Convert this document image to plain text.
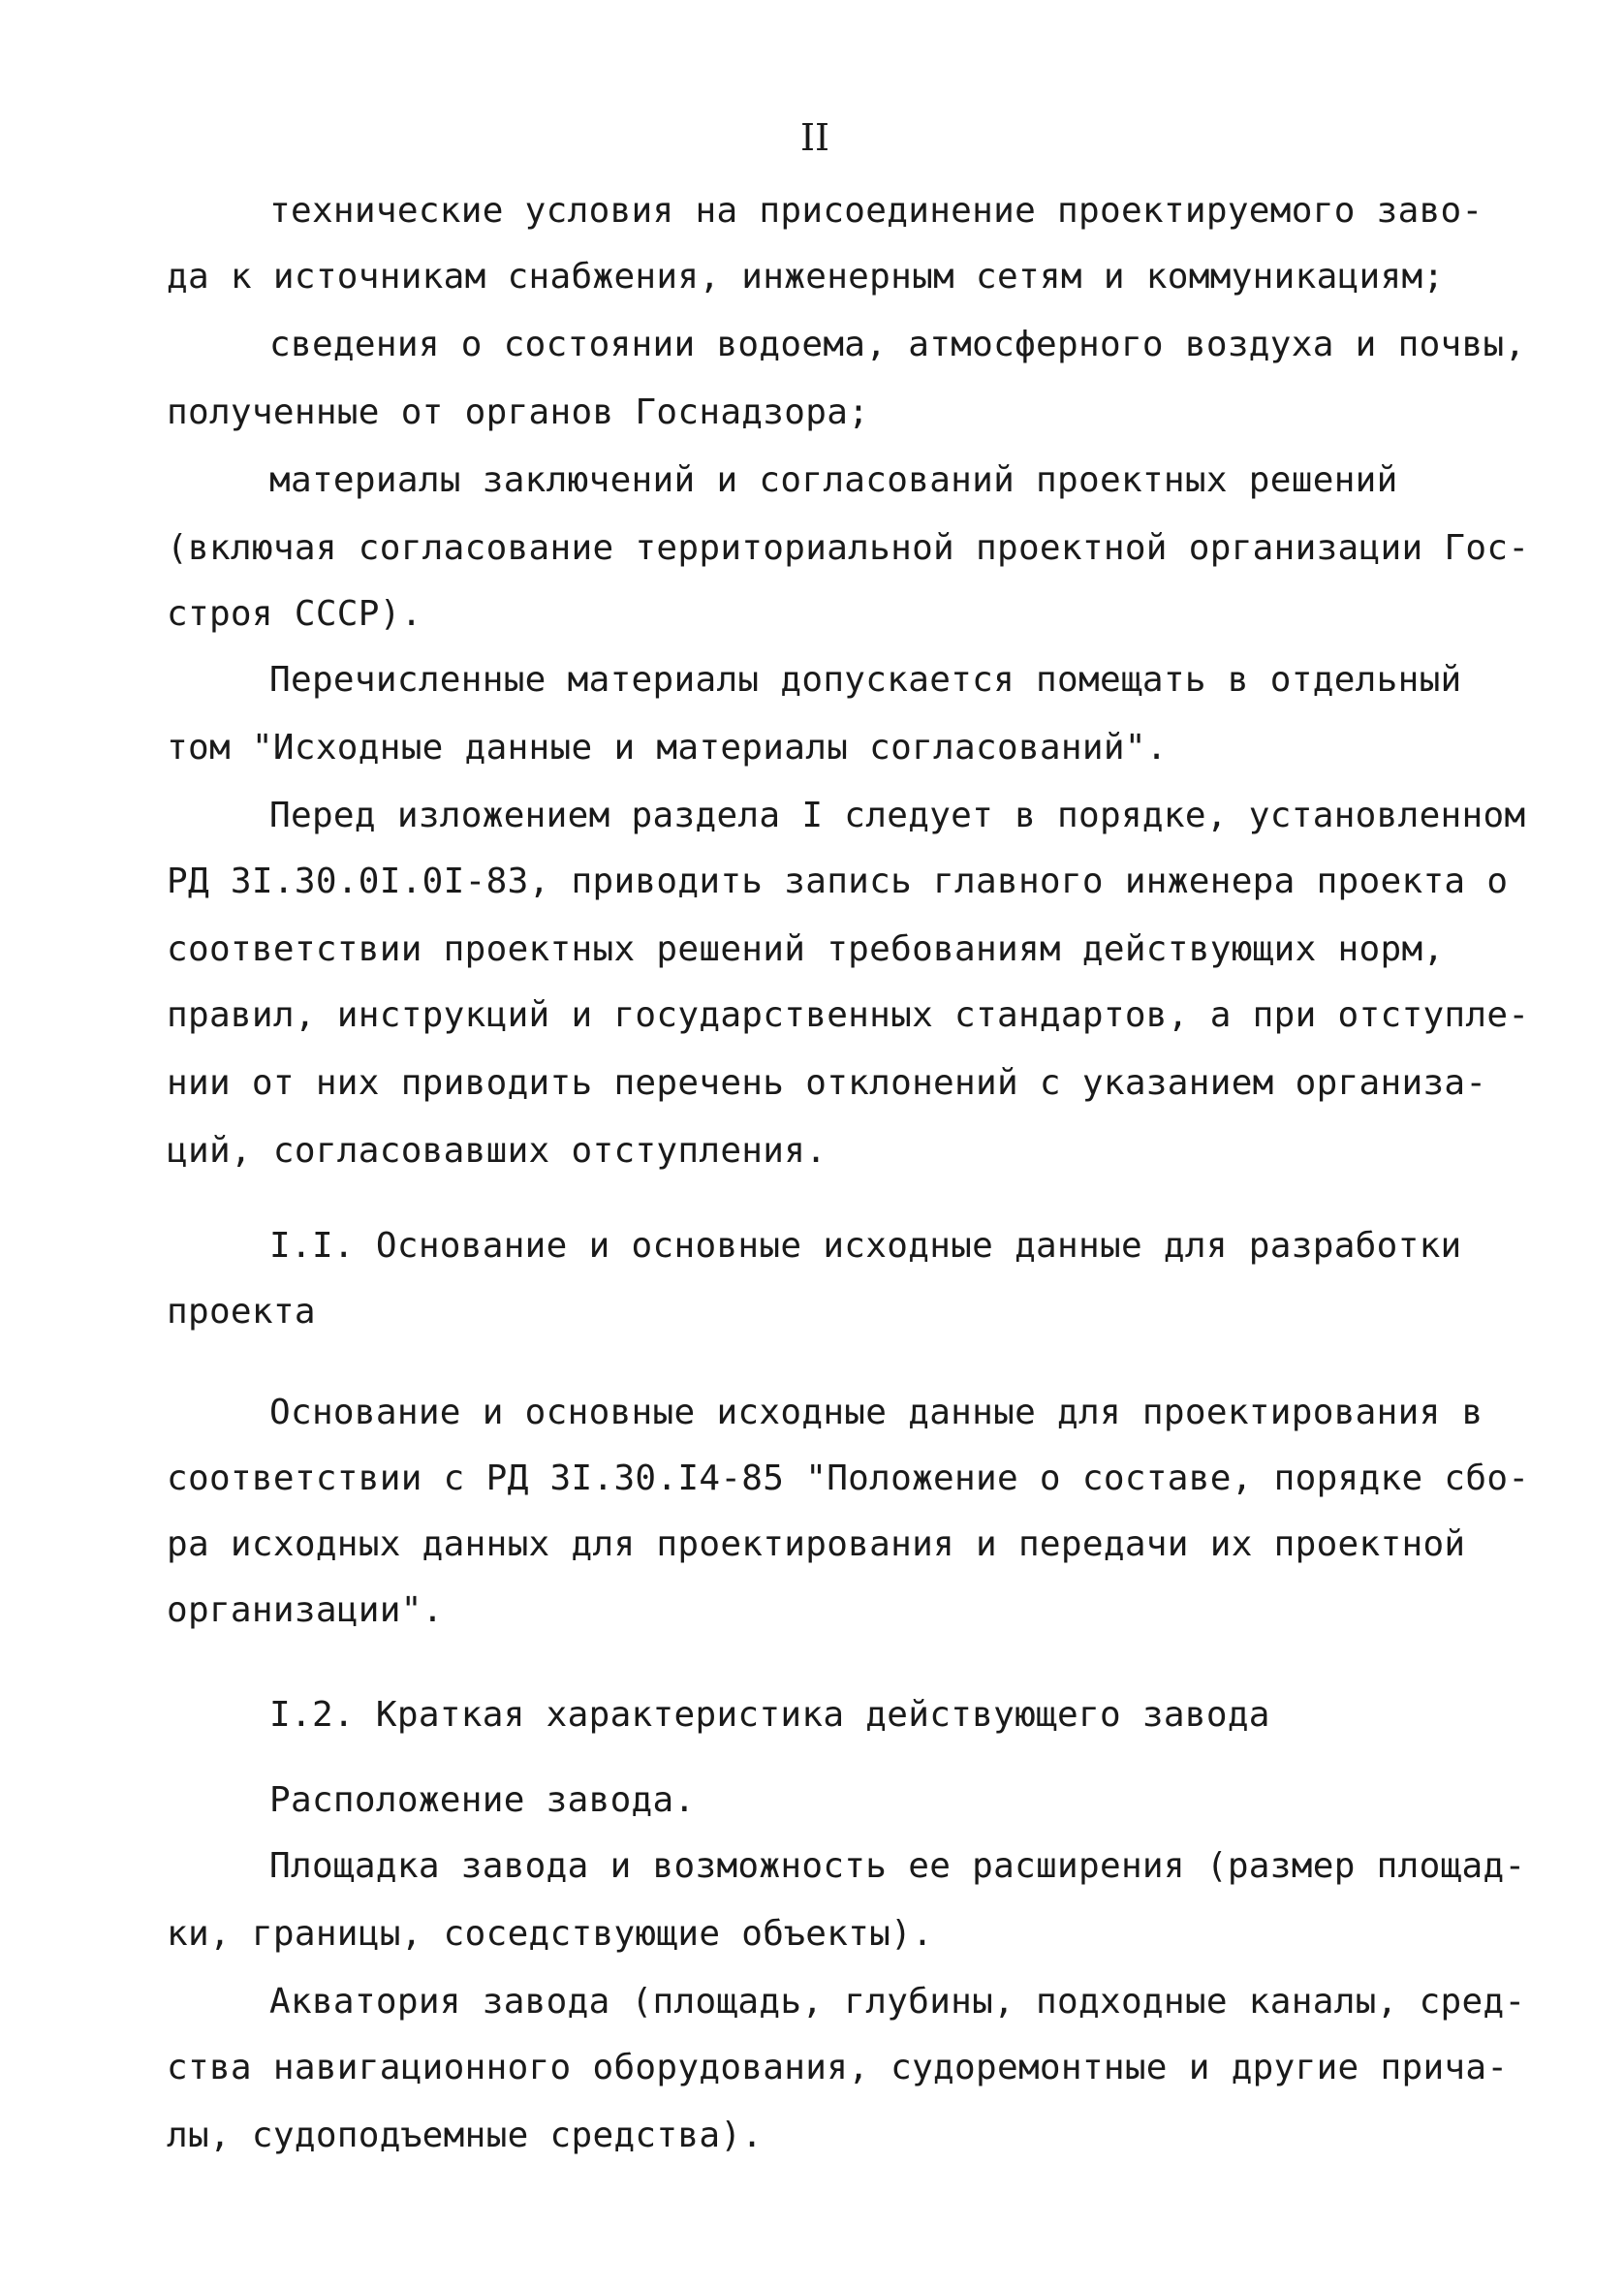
II
технические условия на присоединение проектируемого заво-
да к источникам снабжения, инженерным сетям и коммуникациям;
сведения о состоянии водоема, атмосферного воздуха и почвы,
полученные от органов Госнадзора;
материалы заключений и согласований проектных решений
(включая согласование территориальной проектной организации Гос-
строя СССР).
Перечисленные материалы допускается помещать в отдельный
том "Исходные данные и материалы согласований".
Перед изложением раздела I следует в порядке, установленном
РД 3I.30.0I.0I-83, приводить запись главного инженера проекта о
соответствии проектных решений требованиям действующих норм,
правил, инструкций и государственных стандартов, а при отступле-
нии от них приводить перечень отклонений с указанием организа-
ций, согласовавших отступления.
I.I. Основание и основные исходные данные для разработки
проекта
Основание и основные исходные данные для проектирования в
соответствии с РД 3I.30.I4-85 "Положение о составе, порядке сбо-
ра исходных данных для проектирования и передачи их проектной
организации".
I.2. Краткая характеристика действующего завода
Расположение завода.
Площадка завода и возможность ее расширения (размер площад-
ки, границы, соседствующие объекты).
Акватория завода (площадь, глубины, подходные каналы, сред-
ства навигационного оборудования, судоремонтные и другие прича-
лы, судоподъемные средства).
